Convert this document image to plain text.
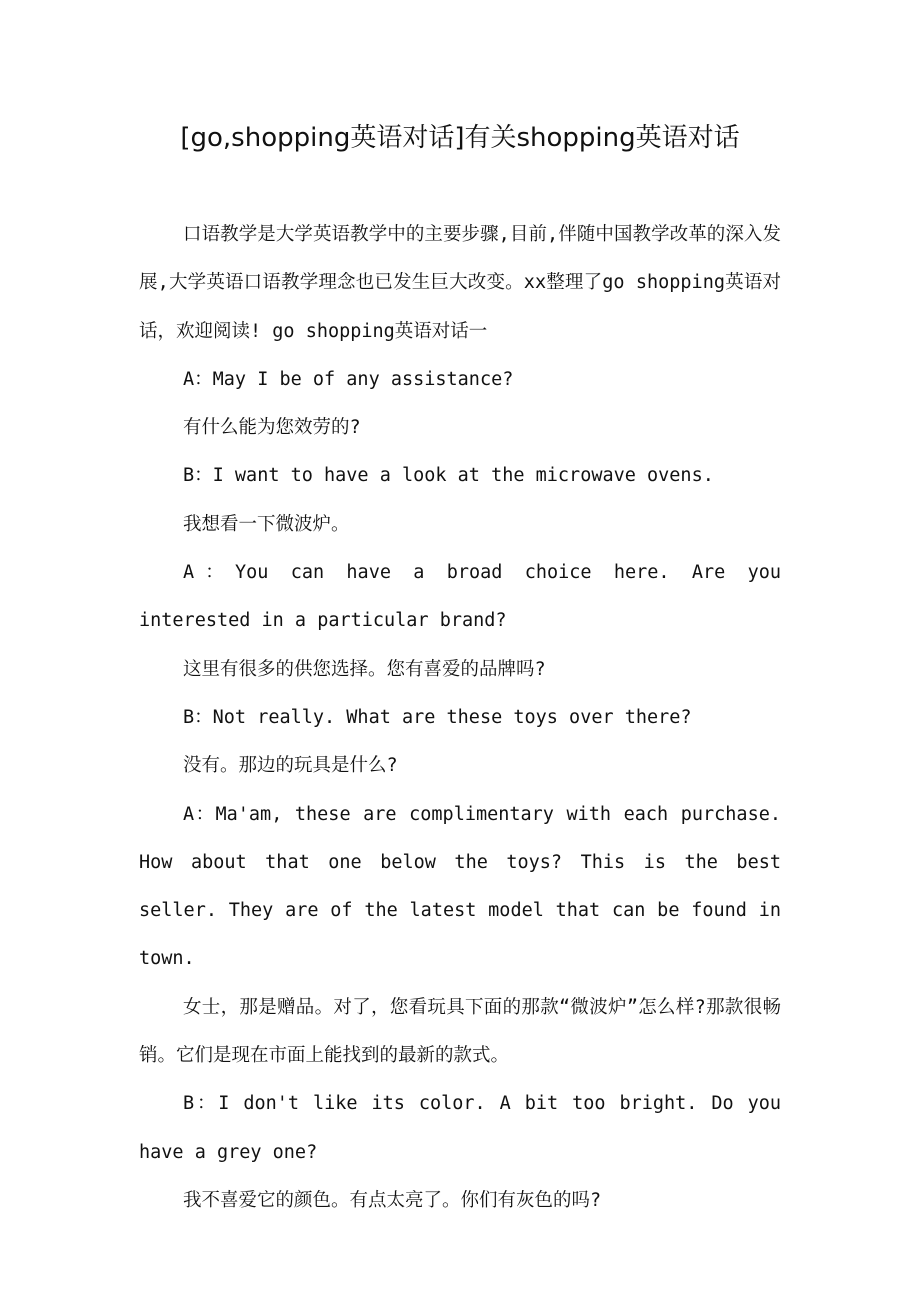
[go,shopping英语对话]有关shopping英语对话

口语教学是大学英语教学中的主要步骤,目前,伴随中国教学改革的深入发展,大学英语口语教学理念也已发生巨大改变。xx整理了go shopping英语对话，欢迎阅读! go shopping英语对话一

A：May I be of any assistance?

有什么能为您效劳的?

B：I want to have a look at the microwave ovens.

我想看一下微波炉。

A：You can have a broad choice here. Are you interested in a particular brand?

这里有很多的供您选择。您有喜爱的品牌吗?

B：Not really. What are these toys over there?

没有。那边的玩具是什么?

A：Ma'am, these are complimentary with each purchase. How about that one below the toys? This is the best seller. They are of the latest model that can be found in town.

女士，那是赠品。对了，您看玩具下面的那款“微波炉”怎么样?那款很畅销。它们是现在市面上能找到的最新的款式。

B：I don't like its color. A bit too bright. Do you have a grey one?

我不喜爱它的颜色。有点太亮了。你们有灰色的吗?
